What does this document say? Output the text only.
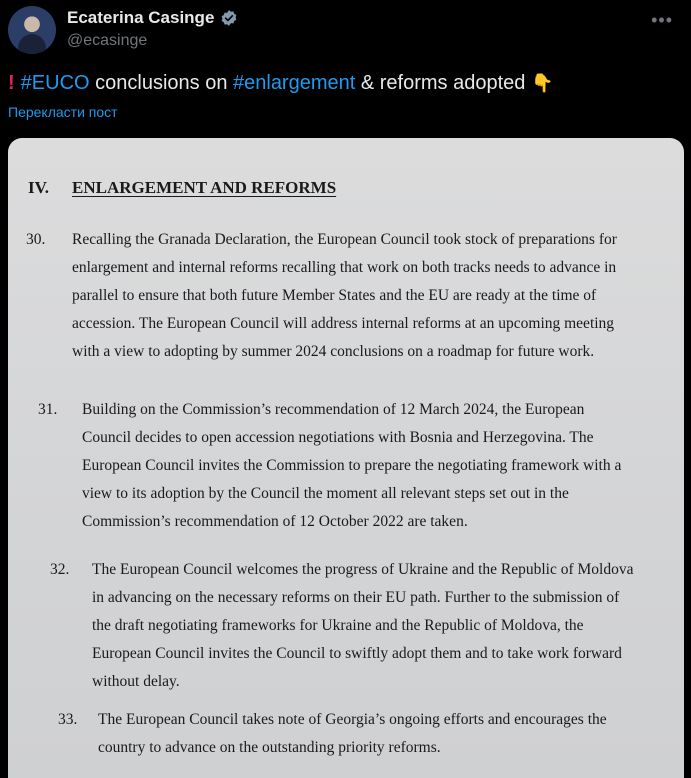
Ecaterina Casinge
@ecasinge
•••
! #EUCO conclusions on #enlargement & reforms adopted 👇
Перекласти пост
IV. ENLARGEMENT AND REFORMS
30. Recalling the Granada Declaration, the European Council took stock of preparations for
enlargement and internal reforms recalling that work on both tracks needs to advance in
parallel to ensure that both future Member States and the EU are ready at the time of
accession. The European Council will address internal reforms at an upcoming meeting
with a view to adopting by summer 2024 conclusions on a roadmap for future work.
31. Building on the Commission’s recommendation of 12 March 2024, the European
Council decides to open accession negotiations with Bosnia and Herzegovina. The
European Council invites the Commission to prepare the negotiating framework with a
view to its adoption by the Council the moment all relevant steps set out in the
Commission’s recommendation of 12 October 2022 are taken.
32. The European Council welcomes the progress of Ukraine and the Republic of Moldova
in advancing on the necessary reforms on their EU path. Further to the submission of
the draft negotiating frameworks for Ukraine and the Republic of Moldova, the
European Council invites the Council to swiftly adopt them and to take work forward
without delay.
33. The European Council takes note of Georgia’s ongoing efforts and encourages the
country to advance on the outstanding priority reforms.
